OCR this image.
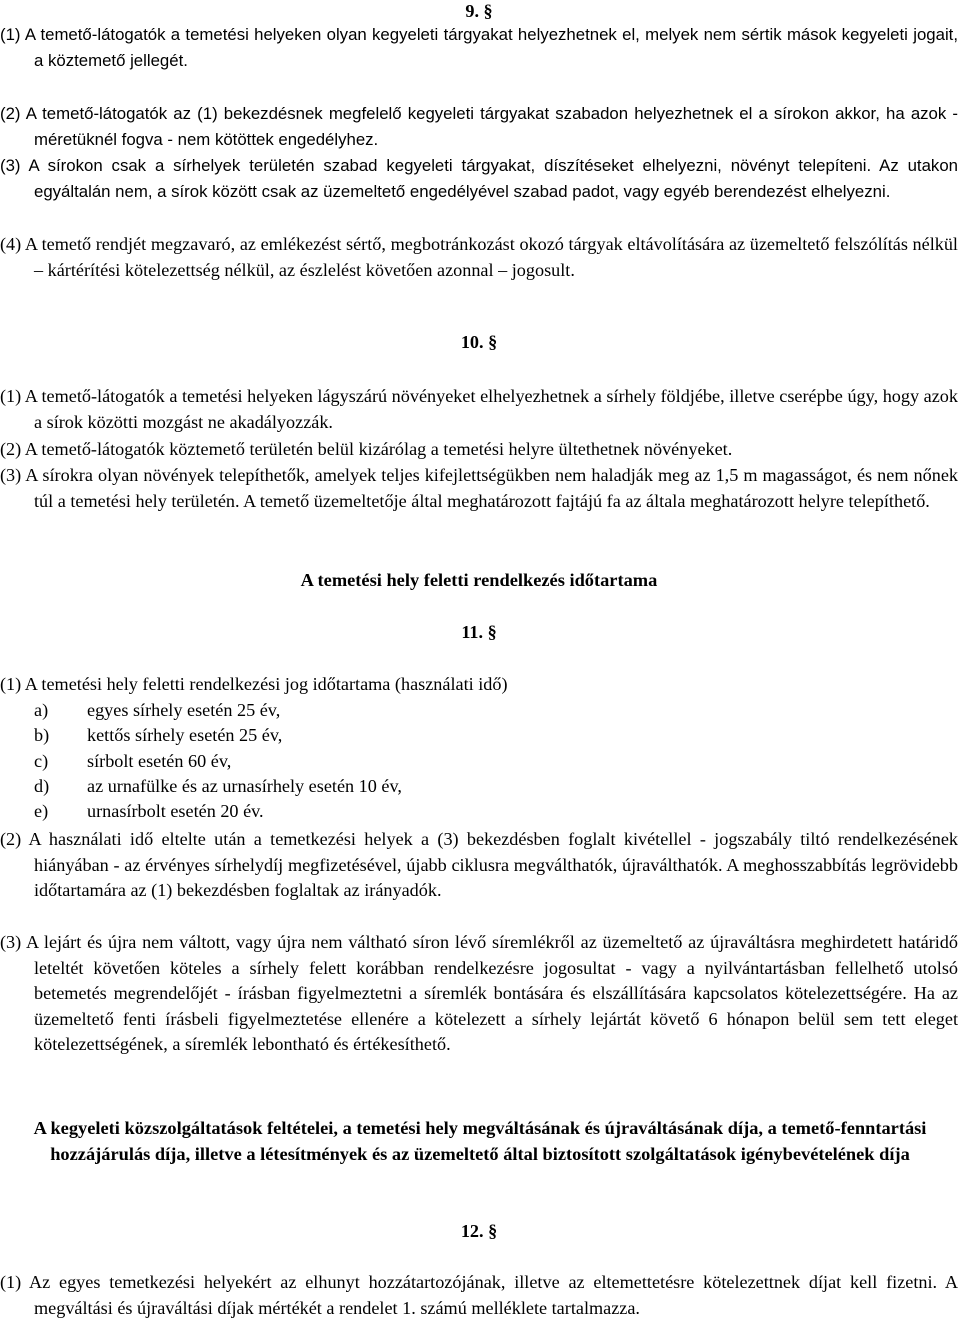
9. §

(1) A temető-látogatók a temetési helyeken olyan kegyeleti tárgyakat helyezhetnek el, melyek nem sértik mások kegyeleti jogait, a köztemető jellegét.

(2) A temető-látogatók az (1) bekezdésnek megfelelő kegyeleti tárgyakat szabadon helyezhetnek el a sírokon akkor, ha azok - méretüknél fogva - nem kötöttek engedélyhez.

(3) A sírokon csak a sírhelyek területén szabad kegyeleti tárgyakat, díszítéseket elhelyezni, növényt telepíteni. Az utakon egyáltalán nem, a sírok között csak az üzemeltető engedélyével szabad padot, vagy egyéb berendezést elhelyezni.

(4) A temető rendjét megzavaró, az emlékezést sértő, megbotránkozást okozó tárgyak eltávolítására az üzemeltető felszólítás nélkül – kártérítési kötelezettség nélkül, az észlelést követően azonnal – jogosult.

10. §

(1) A temető-látogatók a temetési helyeken lágyszárú növényeket elhelyezhetnek a sírhely földjébe, illetve cserépbe úgy, hogy azok a sírok közötti mozgást ne akadályozzák.

(2) A temető-látogatók köztemető területén belül kizárólag a temetési helyre ültethetnek növényeket.

(3) A sírokra olyan növények telepíthetők, amelyek teljes kifejlettségükben nem haladják meg az 1,5 m magasságot, és nem nőnek túl a temetési hely területén. A temető üzemeltetője által meghatározott fajtájú fa az általa meghatározott helyre telepíthető.

A temetési hely feletti rendelkezés időtartama
11. §

(1) A temetési hely feletti rendelkezési jog időtartama (használati idő)

a)	egyes sírhely esetén 25 év,
b)	kettős sírhely esetén 25 év,
c)	sírbolt esetén 60 év,
d)	az urnafülke és az urnasírhely esetén 10 év,
e)	urnasírbolt esetén 20 év.

(2) A használati idő eltelte után a temetkezési helyek a (3) bekezdésben foglalt kivétellel - jogszabály tiltó rendelkezésének hiányában - az érvényes sírhelydíj megfizetésével, újabb ciklusra megválthatók, újraválthatók. A meghosszabbítás legrövidebb időtartamára az (1) bekezdésben foglaltak az irányadók.

(3) A lejárt és újra nem váltott, vagy újra nem váltható síron lévő síremlékről az üzemeltető az újraváltásra meghirdetett határidő leteltét követően köteles a sírhely felett korábban rendelkezésre jogosultat - vagy a nyilvántartásban fellelhető utolsó betemetés megrendelőjét - írásban figyelmeztetni a síremlék bontására és elszállítására kapcsolatos kötelezettségére. Ha az üzemeltető fenti írásbeli figyelmeztetése ellenére a kötelezett a sírhely lejártát követő 6 hónapon belül sem tett eleget kötelezettségének, a síremlék lebontható és értékesíthető.

A kegyeleti közszolgáltatások feltételei, a temetési hely megváltásának és újraváltásának díja, a temető-fenntartási hozzájárulás díja, illetve a létesítmények és az üzemeltető által biztosított szolgáltatások igénybevételének díja
12. §

(1) Az egyes temetkezési helyekért az elhunyt hozzátartozójának, illetve az eltemettetésre kötelezettnek díjat kell fizetni. A megváltási és újraváltási díjak mértékét a rendelet 1. számú melléklete tartalmazza.
